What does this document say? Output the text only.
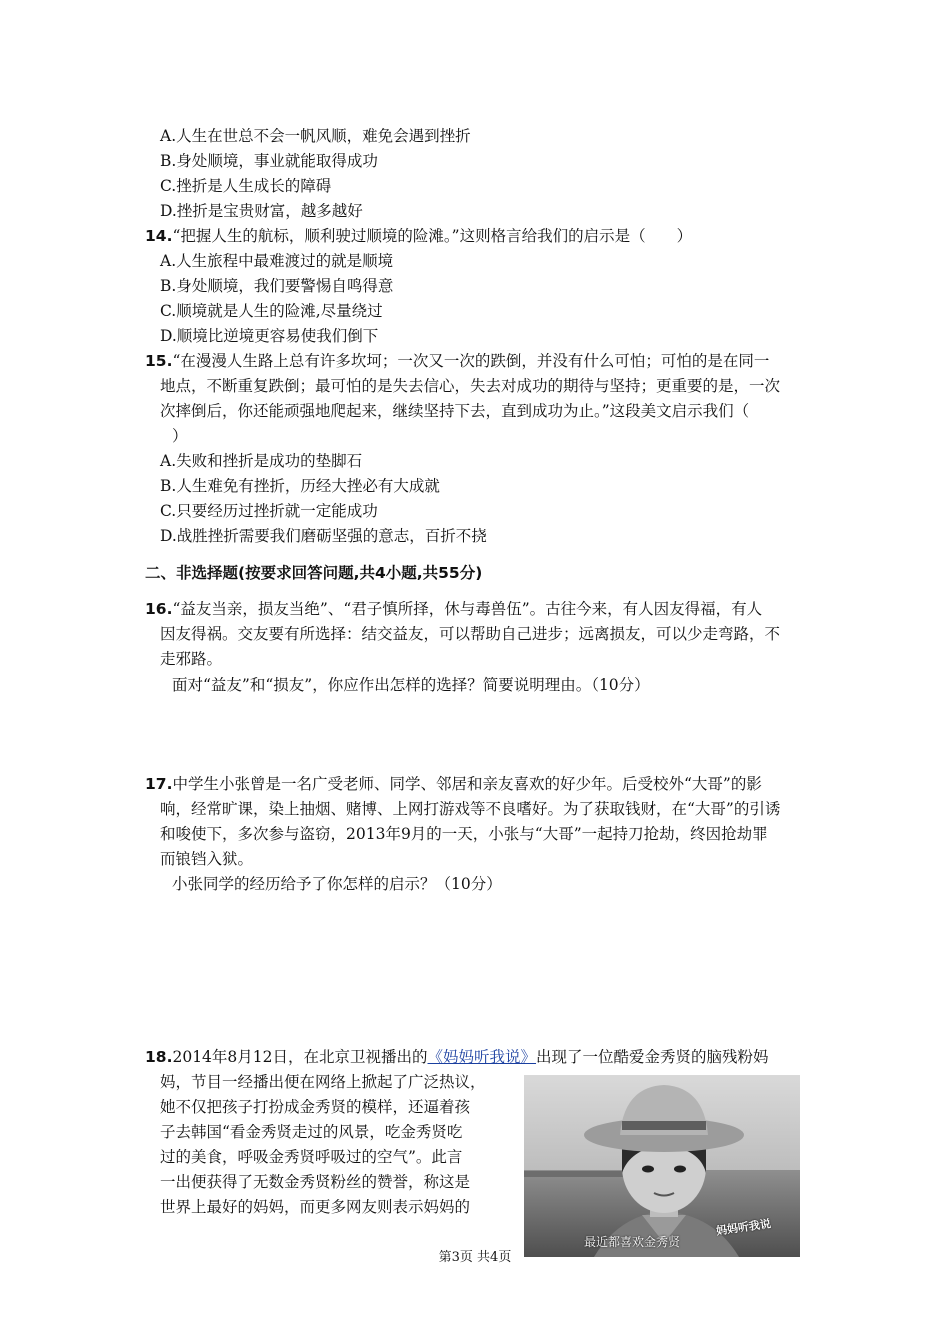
A.人生在世总不会一帆风顺，难免会遇到挫折
B.身处顺境，事业就能取得成功
C.挫折是人生成长的障碍
D.挫折是宝贵财富，越多越好
14.“把握人生的航标，顺利驶过顺境的险滩。”这则格言给我们的启示是（　　）
A.人生旅程中最难渡过的就是顺境
B.身处顺境，我们要警惕自鸣得意
C.顺境就是人生的险滩,尽量绕过
D.顺境比逆境更容易使我们倒下
15.“在漫漫人生路上总有许多坎坷；一次又一次的跌倒，并没有什么可怕；可怕的是在同一
地点，不断重复跌倒；最可怕的是失去信心，失去对成功的期待与坚持；更重要的是，一次
次摔倒后，你还能顽强地爬起来，继续坚持下去，直到成功为止。”这段美文启示我们（
）
A.失败和挫折是成功的垫脚石
B.人生难免有挫折，历经大挫必有大成就
C.只要经历过挫折就一定能成功
D.战胜挫折需要我们磨砺坚强的意志，百折不挠
二、非选择题(按要求回答问题,共4小题,共55分)
16.“益友当亲，损友当绝”、“君子慎所择，休与毒兽伍”。古往今来，有人因友得福，有人
因友得祸。交友要有所选择：结交益友，可以帮助自己进步；远离损友，可以少走弯路，不
走邪路。
面对“益友”和“损友”，你应作出怎样的选择？简要说明理由。（10分）
17.中学生小张曾是一名广受老师、同学、邻居和亲友喜欢的好少年。后受校外“大哥”的影
响，经常旷课，染上抽烟、赌博、上网打游戏等不良嗜好。为了获取钱财，在“大哥”的引诱
和唆使下，多次参与盗窃，2013年9月的一天，小张与“大哥”一起持刀抢劫，终因抢劫罪
而锒铛入狱。
小张同学的经历给予了你怎样的启示？（10分）
18.2014年8月12日，在北京卫视播出的《妈妈听我说》出现了一位酷爱金秀贤的脑残粉妈
妈，节目一经播出便在网络上掀起了广泛热议，
她不仅把孩子打扮成金秀贤的模样，还逼着孩
子去韩国“看金秀贤走过的风景，吃金秀贤吃
过的美食，呼吸金秀贤呼吸过的空气”。此言
一出便获得了无数金秀贤粉丝的赞誉，称这是
世界上最好的妈妈，而更多网友则表示妈妈的
最近都喜欢金秀贤
妈妈听我说
第3页 共4页
